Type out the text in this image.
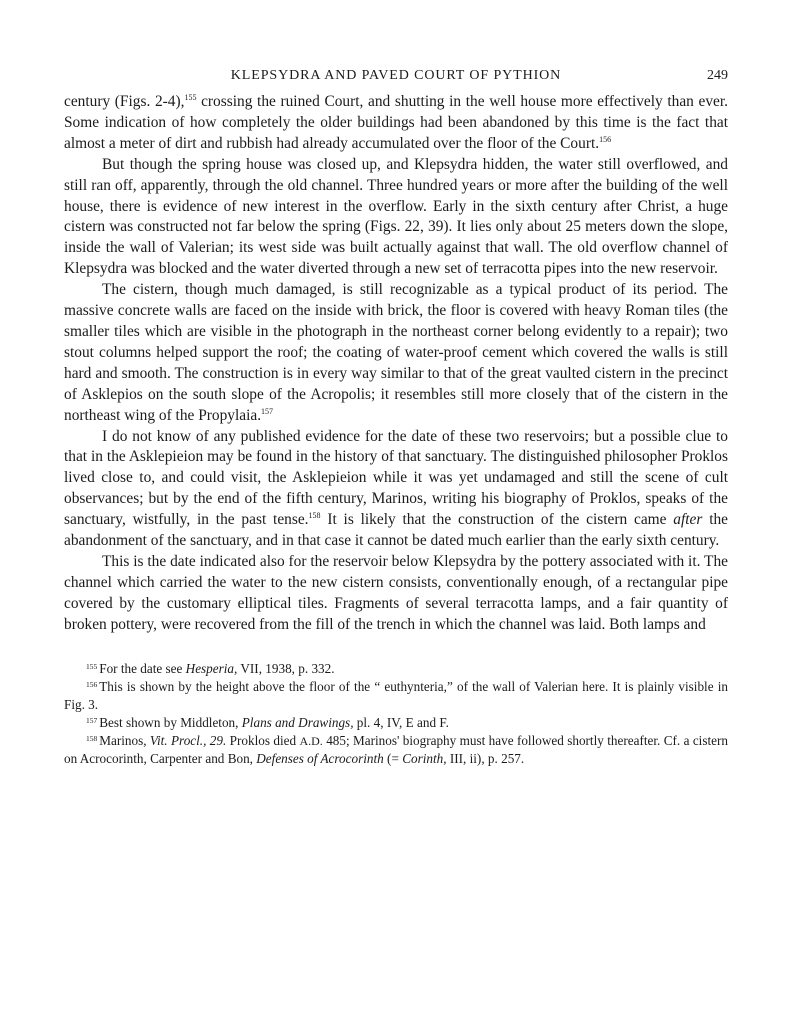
KLEPSYDRA AND PAVED COURT OF PYTHION	249

century (Figs. 2-4),$^{155}$ crossing the ruined Court, and shutting in the well house more effectively than ever. Some indication of how completely the older buildings had been abandoned by this time is the fact that almost a meter of dirt and rubbish had already accumulated over the floor of the Court.$^{156}$

But though the spring house was closed up, and Klepsydra hidden, the water still overflowed, and still ran off, apparently, through the old channel. Three hundred years or more after the building of the well house, there is evidence of new interest in the overflow. Early in the sixth century after Christ, a huge cistern was constructed not far below the spring (Figs. 22, 39). It lies only about 25 meters down the slope, inside the wall of Valerian; its west side was built actually against that wall. The old overflow channel of Klepsydra was blocked and the water diverted through a new set of terracotta pipes into the new reservoir.

The cistern, though much damaged, is still recognizable as a typical product of its period. The massive concrete walls are faced on the inside with brick, the floor is covered with heavy Roman tiles (the smaller tiles which are visible in the photograph in the northeast corner belong evidently to a repair); two stout columns helped support the roof; the coating of water-proof cement which covered the walls is still hard and smooth. The construction is in every way similar to that of the great vaulted cistern in the precinct of Asklepios on the south slope of the Acropolis; it resembles still more closely that of the cistern in the northeast wing of the Propylaia.$^{157}$

I do not know of any published evidence for the date of these two reservoirs; but a possible clue to that in the Asklepieion may be found in the history of that sanctuary. The distinguished philosopher Proklos lived close to, and could visit, the Asklepieion while it was yet undamaged and still the scene of cult observances; but by the end of the fifth century, Marinos, writing his biography of Proklos, speaks of the sanctuary, wistfully, in the past tense.$^{158}$ It is likely that the construction of the cistern came after the abandonment of the sanctuary, and in that case it cannot be dated much earlier than the early sixth century.

This is the date indicated also for the reservoir below Klepsydra by the pottery associated with it. The channel which carried the water to the new cistern consists, conventionally enough, of a rectangular pipe covered by the customary elliptical tiles. Fragments of several terracotta lamps, and a fair quantity of broken pottery, were recovered from the fill of the trench in which the channel was laid. Both lamps and

$^{155}$ For the date see Hesperia, VII, 1938, p. 332.

$^{156}$ This is shown by the height above the floor of the “ euthynteria,” of the wall of Valerian here. It is plainly visible in Fig. 3.

$^{157}$ Best shown by Middleton, Plans and Drawings, pl. 4, IV, E and F.

$^{158}$ Marinos, Vit. Procl., 29. Proklos died A.D. 485; Marinos' biography must have followed shortly thereafter. Cf. a cistern on Acrocorinth, Carpenter and Bon, Defenses of Acrocorinth (= Corinth, III, ii), p. 257.
